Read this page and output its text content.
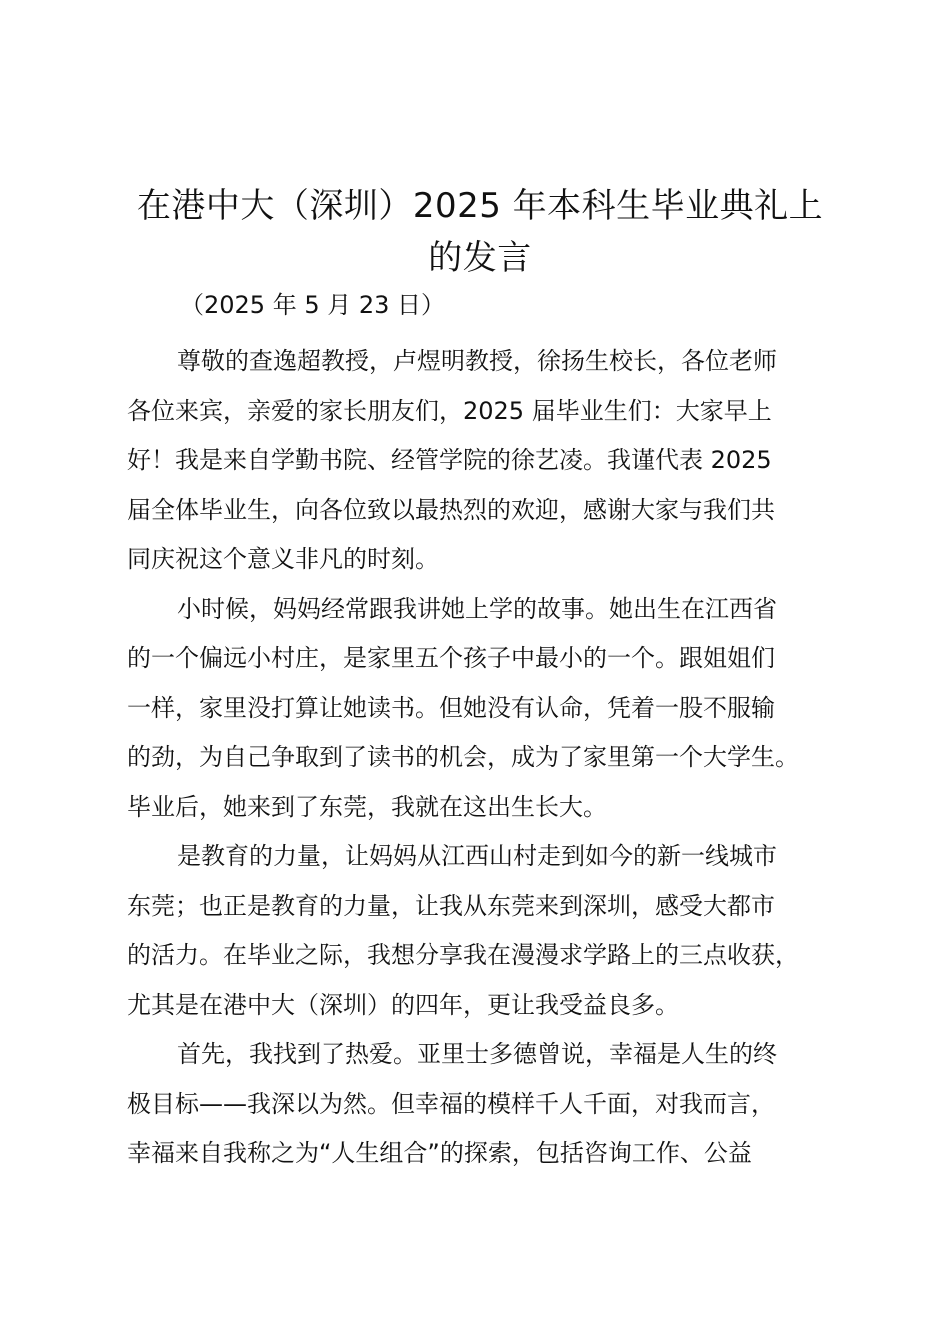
在港中大（深圳）2025 年本科生毕业典礼上
的发言
（2025 年 5 月 23 日）
尊敬的查逸超教授，卢煜明教授，徐扬生校长，各位老师
各位来宾，亲爱的家长朋友们，2025 届毕业生们：大家早上
好！我是来自学勤书院、经管学院的徐艺凌。我谨代表 2025
届全体毕业生，向各位致以最热烈的欢迎，感谢大家与我们共
同庆祝这个意义非凡的时刻。
小时候，妈妈经常跟我讲她上学的故事。她出生在江西省
的一个偏远小村庄，是家里五个孩子中最小的一个。跟姐姐们
一样，家里没打算让她读书。但她没有认命，凭着一股不服输
的劲，为自己争取到了读书的机会，成为了家里第一个大学生。
毕业后，她来到了东莞，我就在这出生长大。
是教育的力量，让妈妈从江西山村走到如今的新一线城市
东莞；也正是教育的力量，让我从东莞来到深圳，感受大都市
的活力。在毕业之际，我想分享我在漫漫求学路上的三点收获，
尤其是在港中大（深圳）的四年，更让我受益良多。
首先，我找到了热爱。亚里士多德曾说，幸福是人生的终
极目标——我深以为然。但幸福的模样千人千面，对我而言，
幸福来自我称之为“人生组合”的探索，包括咨询工作、公益
